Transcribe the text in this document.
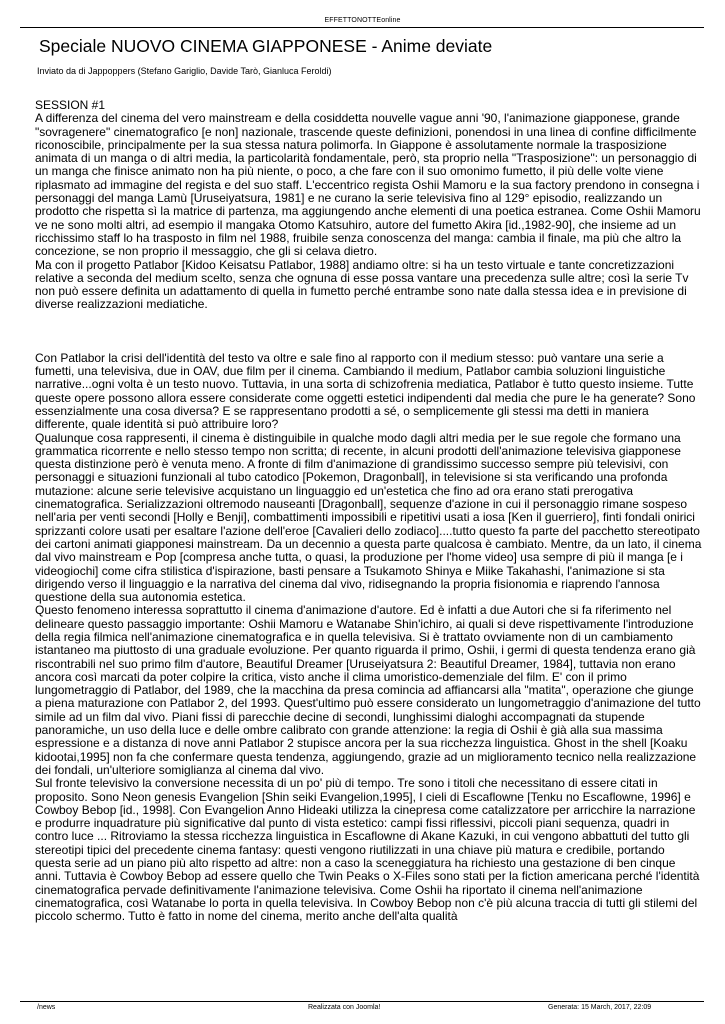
EFFETTONOTTEonline
Speciale NUOVO CINEMA GIAPPONESE - Anime deviate
Inviato da di Jappoppers (Stefano Gariglio, Davide Tarò, Gianluca Feroldi)

SESSION #1

A differenza del cinema del vero mainstream e della cosiddetta nouvelle vague anni '90, l'animazione giapponese, grande "sovragenere" cinematografico [e non] nazionale, trascende queste definizioni, ponendosi in una linea di confine difficilmente riconoscibile, principalmente per la sua stessa natura polimorfa. In Giappone è assolutamente normale la trasposizione animata di un manga o di altri media, la particolarità fondamentale, però, sta proprio nella "Trasposizione": un personaggio di un manga che finisce animato non ha più niente, o poco, a che fare con il suo omonimo fumetto, il più delle volte viene riplasmato ad immagine del regista e del suo staff. L'eccentrico regista Oshii Mamoru e la sua factory prendono in consegna i personaggi del manga Lamù [Uruseiyatsura, 1981] e ne curano la serie televisiva fino al 129° episodio, realizzando un prodotto che rispetta sì la matrice di partenza, ma aggiungendo anche elementi di una poetica estranea. Come Oshii Mamoru ve ne sono molti altri, ad esempio il mangaka Otomo Katsuhiro, autore del fumetto Akira [id.,1982-90], che insieme ad un ricchissimo staff lo ha trasposto in film nel 1988, fruibile senza conoscenza del manga: cambia il finale, ma più che altro la concezione, se non proprio il messaggio, che gli si celava dietro.

Ma con il progetto Patlabor [Kidoo Keisatsu Patlabor, 1988] andiamo oltre: si ha un testo virtuale e tante concretizzazioni relative a seconda del medium scelto, senza che ognuna di esse possa vantare una precedenza sulle altre; così la serie Tv non può essere definita un adattamento di quella in fumetto perché entrambe sono nate dalla stessa idea e in previsione di diverse realizzazioni mediatiche.

Con Patlabor la crisi dell'identità del testo va oltre e sale fino al rapporto con il medium stesso: può vantare una serie a fumetti, una televisiva, due in OAV, due film per il cinema. Cambiando il medium, Patlabor cambia soluzioni linguistiche narrative...ogni volta è un testo nuovo. Tuttavia, in una sorta di schizofrenia mediatica, Patlabor è tutto questo insieme. Tutte queste opere possono allora essere considerate come oggetti estetici indipendenti dal media che pure le ha generate? Sono essenzialmente una cosa diversa? E se rappresentano prodotti a sé, o semplicemente gli stessi ma detti in maniera differente, quale identità si può attribuire loro?

Qualunque cosa rappresenti, il cinema è distinguibile in qualche modo dagli altri media per le sue regole che formano una grammatica ricorrente e nello stesso tempo non scritta; di recente, in alcuni prodotti dell'animazione televisiva giapponese questa distinzione però è venuta meno. A fronte di film d'animazione di grandissimo successo sempre più televisivi, con personaggi e situazioni funzionali al tubo catodico [Pokemon, Dragonball], in televisione si sta verificando una profonda mutazione: alcune serie televisive acquistano un linguaggio ed un'estetica che fino ad ora erano stati prerogativa cinematografica. Serializzazioni oltremodo nauseanti [Dragonball], sequenze d'azione in cui il personaggio rimane sospeso nell'aria per venti secondi [Holly e Benji], combattimenti impossibili e ripetitivi usati a iosa [Ken il guerriero], finti fondali onirici sprizzanti colore usati per esaltare l'azione dell'eroe [Cavalieri dello zodiaco]....tutto questo fa parte del pacchetto stereotipato dei cartoni animati giapponesi mainstream. Da un decennio a questa parte qualcosa è cambiato. Mentre, da un lato, il cinema dal vivo mainstream e Pop [compresa anche tutta, o quasi, la produzione per l'home video] usa sempre di più il manga [e i videogiochi] come cifra stilistica d'ispirazione, basti pensare a Tsukamoto Shinya e Miike Takahashi, l'animazione si sta dirigendo verso il linguaggio e la narrativa del cinema dal vivo, ridisegnando la propria fisionomia e riaprendo l'annosa questione della sua autonomia estetica.

Questo fenomeno interessa soprattutto il cinema d'animazione d'autore. Ed è infatti a due Autori che si fa riferimento nel delineare questo passaggio importante: Oshii Mamoru e Watanabe Shin'ichiro, ai quali si deve rispettivamente l'introduzione della regia filmica nell'animazione cinematografica e in quella televisiva. Si è trattato ovviamente non di un cambiamento istantaneo ma piuttosto di una graduale evoluzione. Per quanto riguarda il primo, Oshii, i germi di questa tendenza erano già riscontrabili nel suo primo film d'autore, Beautiful Dreamer [Uruseiyatsura 2: Beautiful Dreamer, 1984], tuttavia non erano ancora così marcati da poter colpire la critica, visto anche il clima umoristico-demenziale del film. E' con il primo lungometraggio di Patlabor, del 1989, che la macchina da presa comincia ad affiancarsi alla "matita", operazione che giunge a piena maturazione con Patlabor 2, del 1993. Quest'ultimo può essere considerato un lungometraggio d'animazione del tutto simile ad un film dal vivo. Piani fissi di parecchie decine di secondi, lunghissimi dialoghi accompagnati da stupende panoramiche, un uso della luce e delle ombre calibrato con grande attenzione: la regia di Oshii è già alla sua massima espressione e a distanza di nove anni Patlabor 2 stupisce ancora per la sua ricchezza linguistica. Ghost in the shell [Koaku kidootai,1995] non fa che confermare questa tendenza, aggiungendo, grazie ad un miglioramento tecnico nella realizzazione dei fondali, un'ulteriore somiglianza al cinema dal vivo.

Sul fronte televisivo la conversione necessita di un po' più di tempo. Tre sono i titoli che necessitano di essere citati in proposito. Sono Neon genesis Evangelion [Shin seiki Evangelion,1995], I cieli di Escaflowne [Tenku no Escaflowne, 1996] e Cowboy Bebop [id., 1998]. Con Evangelion Anno Hideaki utilizza la cinepresa come catalizzatore per arricchire la narrazione e produrre inquadrature più significative dal punto di vista estetico: campi fissi riflessivi, piccoli piani sequenza, quadri in contro luce ... Ritroviamo la stessa ricchezza linguistica in Escaflowne di Akane Kazuki, in cui vengono abbattuti del tutto gli stereotipi tipici del precedente cinema fantasy: questi vengono riutilizzati in una chiave più matura e credibile, portando questa serie ad un piano più alto rispetto ad altre: non a caso la sceneggiatura ha richiesto una gestazione di ben cinque anni. Tuttavia è Cowboy Bebop ad essere quello che Twin Peaks o X-Files sono stati per la fiction americana perché l'identità cinematografica pervade definitivamente l'animazione televisiva. Come Oshii ha riportato il cinema nell'animazione cinematografica, così Watanabe lo porta in quella televisiva. In Cowboy Bebop non c'è più alcuna traccia di tutti gli stilemi del piccolo schermo. Tutto è fatto in nome del cinema, merito anche dell'alta qualità

/news	Realizzata con Joomla!	Generata: 15 March, 2017, 22:09
